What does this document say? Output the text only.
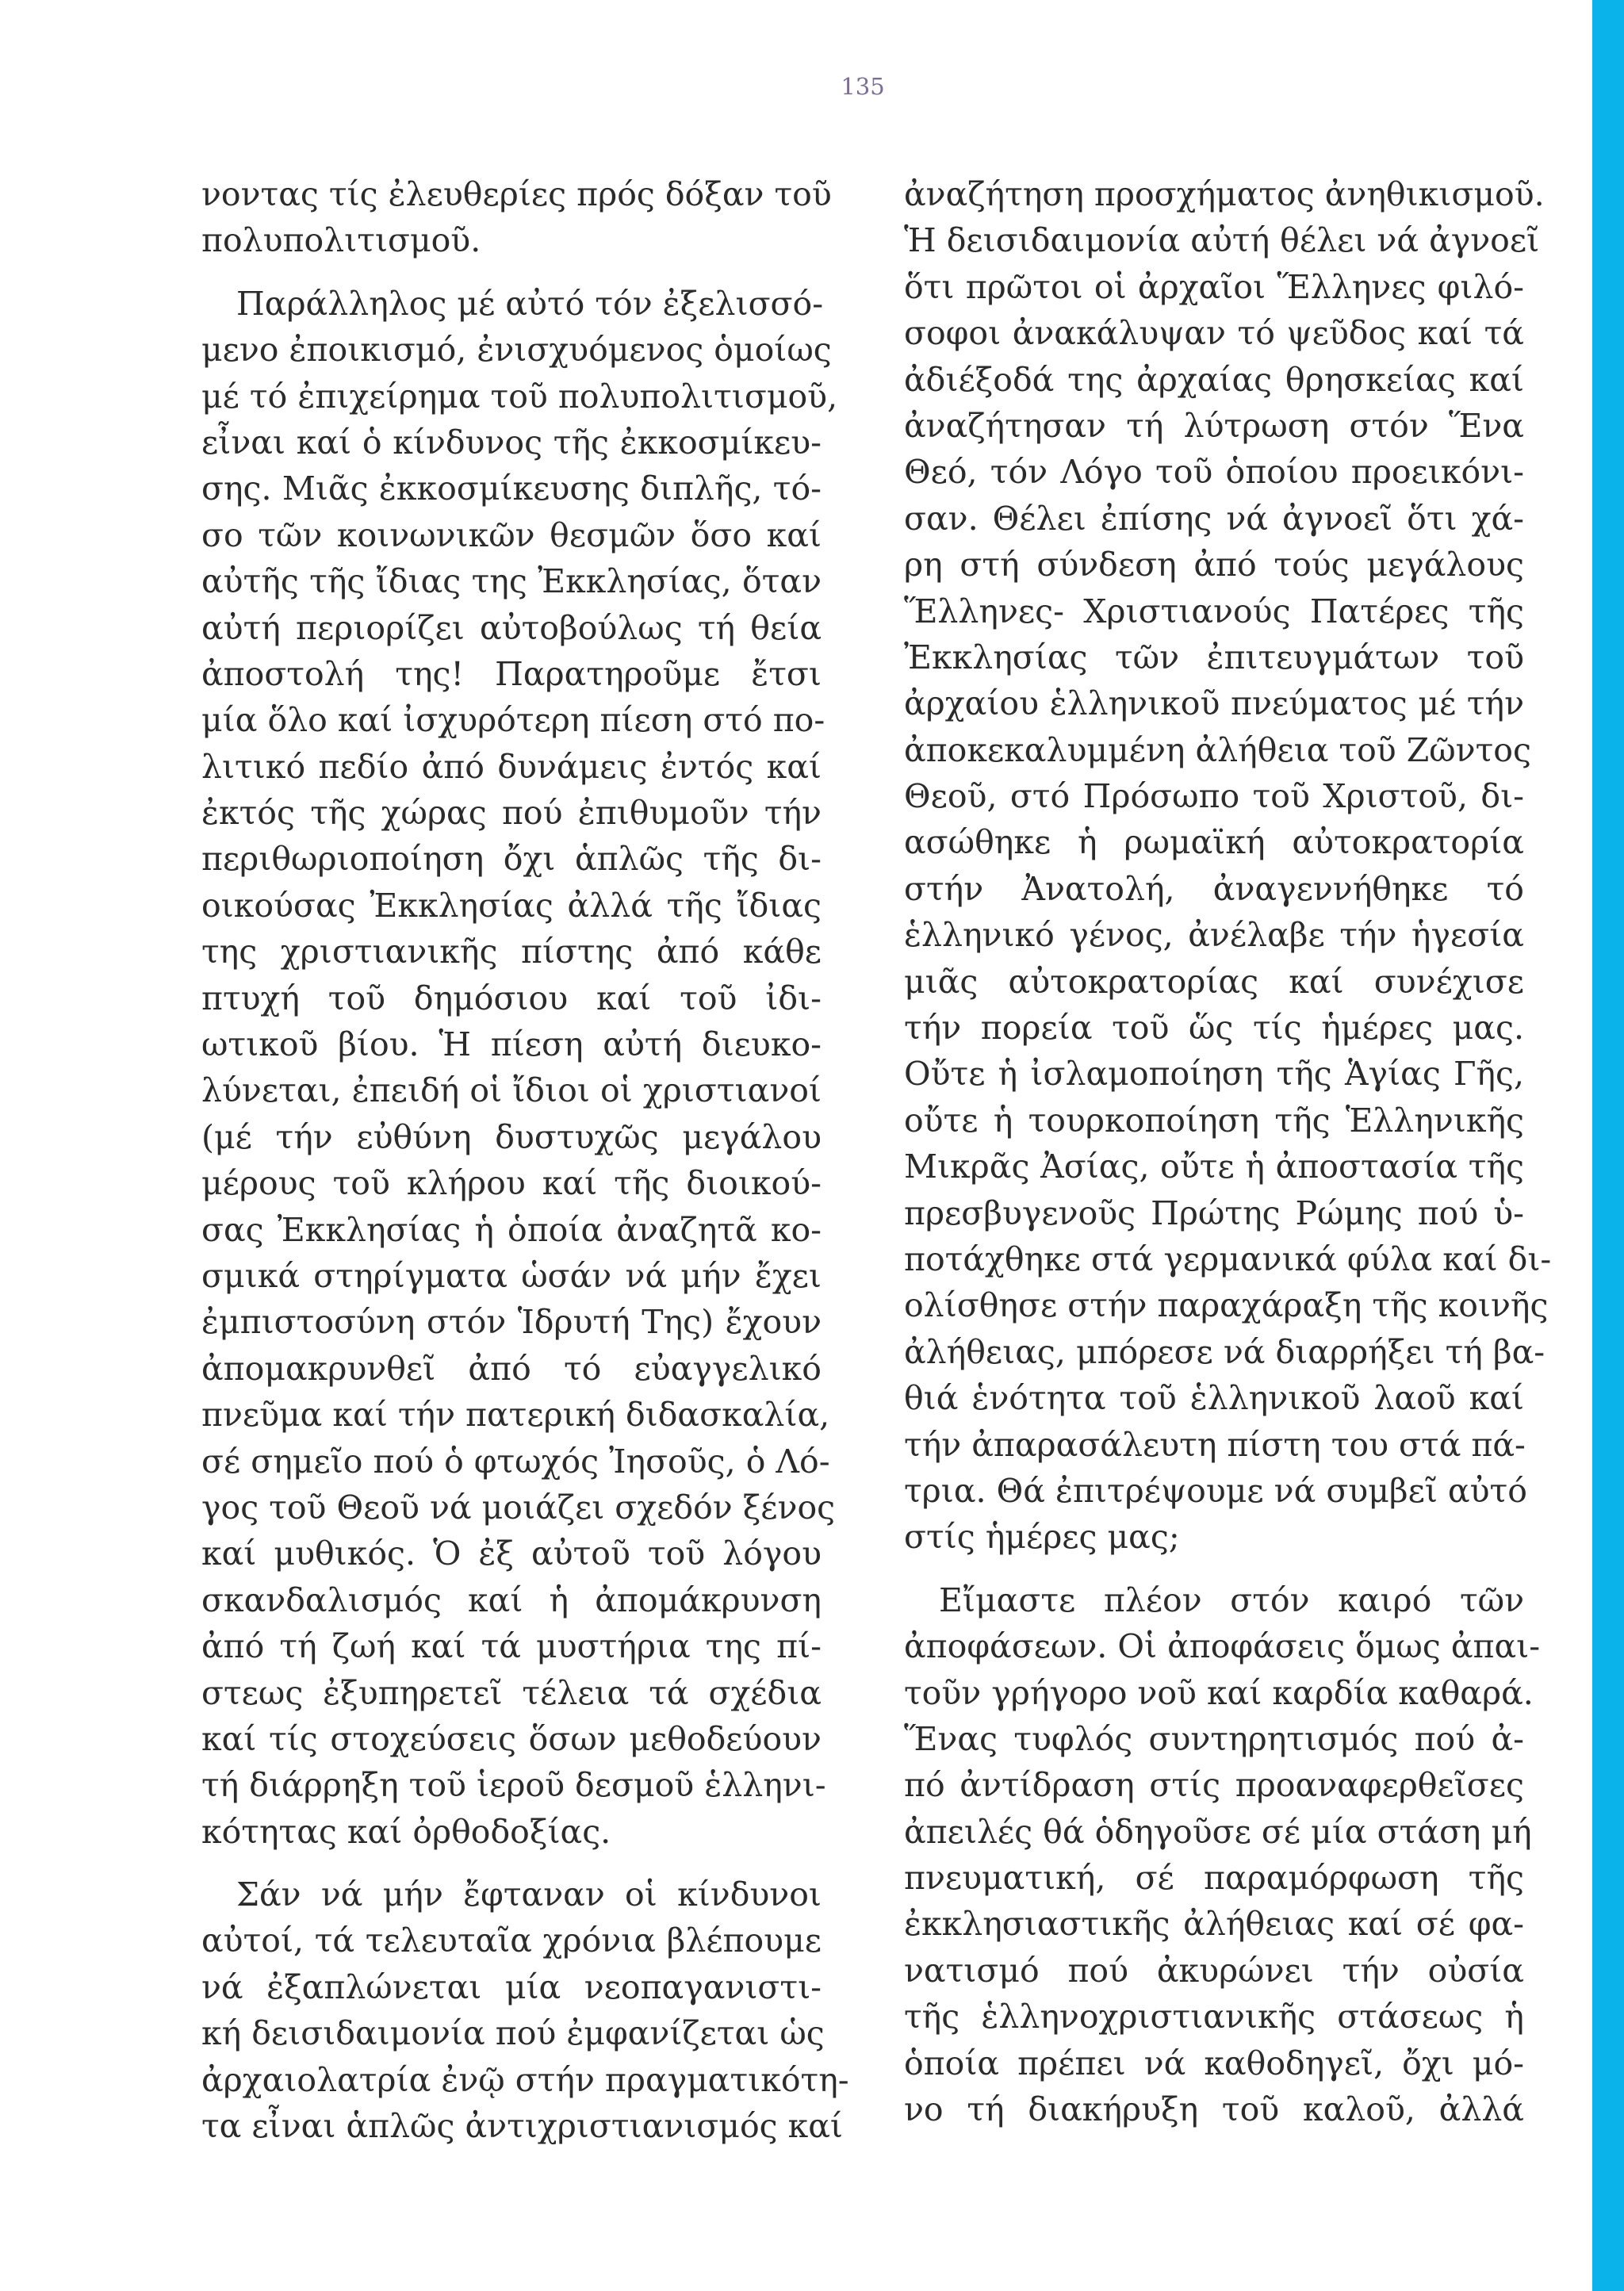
135
νοντας τίς ἐλευθερίες πρός δόξαν τοῦ
πολυπολιτισμοῦ.
Παράλληλος μέ αὐτό τόν ἐξελισσό-
μενο ἐποικισμό, ἐνισχυόμενος ὁμοίως
μέ τό ἐπιχείρημα τοῦ πολυπολιτισμοῦ,
εἶναι καί ὁ κίνδυνος τῆς ἐκκοσμίκευ-
σης. Μιᾶς ἐκκοσμίκευσης διπλῆς, τό-
σο τῶν κοινωνικῶν θεσμῶν ὅσο καί
αὐτῆς τῆς ἴδιας της Ἐκκλησίας, ὅταν
αὐτή περιορίζει αὐτοβούλως τή θεία
ἀποστολή της! Παρατηροῦμε ἔτσι
μία ὅλο καί ἰσχυρότερη πίεση στό πο-
λιτικό πεδίο ἀπό δυνάμεις ἐντός καί
ἐκτός τῆς χώρας πού ἐπιθυμοῦν τήν
περιθωριοποίηση ὄχι ἁπλῶς τῆς δι-
οικούσας Ἐκκλησίας ἀλλά τῆς ἴδιας
της χριστιανικῆς πίστης ἀπό κάθε
πτυχή τοῦ δημόσιου καί τοῦ ἰδι-
ωτικοῦ βίου. Ἡ πίεση αὐτή διευκο-
λύνεται, ἐπειδή οἱ ἴδιοι οἱ χριστιανοί
(μέ τήν εὐθύνη δυστυχῶς μεγάλου
μέρους τοῦ κλήρου καί τῆς διοικού-
σας Ἐκκλησίας ἡ ὁποία ἀναζητᾶ κο-
σμικά στηρίγματα ὡσάν νά μήν ἔχει
ἐμπιστοσύνη στόν Ἱδρυτή Της) ἔχουν
ἀπομακρυνθεῖ ἀπό τό εὐαγγελικό
πνεῦμα καί τήν πατερική διδασκαλία,
σέ σημεῖο πού ὁ φτωχός Ἰησοῦς, ὁ Λό-
γος τοῦ Θεοῦ νά μοιάζει σχεδόν ξένος
καί μυθικός. Ὁ ἐξ αὐτοῦ τοῦ λόγου
σκανδαλισμός καί ἡ ἀπομάκρυνση
ἀπό τή ζωή καί τά μυστήρια της πί-
στεως ἐξυπηρετεῖ τέλεια τά σχέδια
καί τίς στοχεύσεις ὅσων μεθοδεύουν
τή διάρρηξη τοῦ ἱεροῦ δεσμοῦ ἑλληνι-
κότητας καί ὀρθοδοξίας.
Σάν νά μήν ἔφταναν οἱ κίνδυνοι
αὐτοί, τά τελευταῖα χρόνια βλέπουμε
νά ἐξαπλώνεται μία νεοπαγανιστι-
κή δεισιδαιμονία πού ἐμφανίζεται ὡς
ἀρχαιολατρία ἐνῷ στήν πραγματικότη-
τα εἶναι ἁπλῶς ἀντιχριστιανισμός καί
ἀναζήτηση προσχήματος ἀνηθικισμοῦ.
Ἡ δεισιδαιμονία αὐτή θέλει νά ἀγνοεῖ
ὅτι πρῶτοι οἱ ἀρχαῖοι Ἕλληνες φιλό-
σοφοι ἀνακάλυψαν τό ψεῦδος καί τά
ἀδιέξοδά της ἀρχαίας θρησκείας καί
ἀναζήτησαν τή λύτρωση στόν Ἕνα
Θεό, τόν Λόγο τοῦ ὁποίου προεικόνι-
σαν. Θέλει ἐπίσης νά ἀγνοεῖ ὅτι χά-
ρη στή σύνδεση ἀπό τούς μεγάλους
Ἕλληνες- Χριστιανούς Πατέρες τῆς
Ἐκκλησίας τῶν ἐπιτευγμάτων τοῦ
ἀρχαίου ἑλληνικοῦ πνεύματος μέ τήν
ἀποκεκαλυμμένη ἀλήθεια τοῦ Ζῶντος
Θεοῦ, στό Πρόσωπο τοῦ Χριστοῦ, δι-
ασώθηκε ἡ ρωμαϊκή αὐτοκρατορία
στήν Ἀνατολή, ἀναγεννήθηκε τό
ἑλληνικό γένος, ἀνέλαβε τήν ἡγεσία
μιᾶς αὐτοκρατορίας καί συνέχισε
τήν πορεία τοῦ ὥς τίς ἡμέρες μας.
Οὔτε ἡ ἰσλαμοποίηση τῆς Ἁγίας Γῆς,
οὔτε ἡ τουρκοποίηση τῆς Ἑλληνικῆς
Μικρᾶς Ἀσίας, οὔτε ἡ ἀποστασία τῆς
πρεσβυγενοῦς Πρώτης Ρώμης πού ὑ-
ποτάχθηκε στά γερμανικά φύλα καί δι-
ολίσθησε στήν παραχάραξη τῆς κοινῆς
ἀλήθειας, μπόρεσε νά διαρρήξει τή βα-
θιά ἑνότητα τοῦ ἑλληνικοῦ λαοῦ καί
τήν ἀπαρασάλευτη πίστη του στά πά-
τρια. Θά ἐπιτρέψουμε νά συμβεῖ αὐτό
στίς ἡμέρες μας;
Εἴμαστε πλέον στόν καιρό τῶν
ἀποφάσεων. Οἱ ἀποφάσεις ὅμως ἀπαι-
τοῦν γρήγορο νοῦ καί καρδία καθαρά.
Ἕνας τυφλός συντηρητισμός πού ἀ-
πό ἀντίδραση στίς προαναφερθεῖσες
ἀπειλές θά ὁδηγοῦσε σέ μία στάση μή
πνευματική, σέ παραμόρφωση τῆς
ἐκκλησιαστικῆς ἀλήθειας καί σέ φα-
νατισμό πού ἀκυρώνει τήν οὐσία
τῆς ἑλληνοχριστιανικῆς στάσεως ἡ
ὁποία πρέπει νά καθοδηγεῖ, ὄχι μό-
νο τή διακήρυξη τοῦ καλοῦ, ἀλλά
